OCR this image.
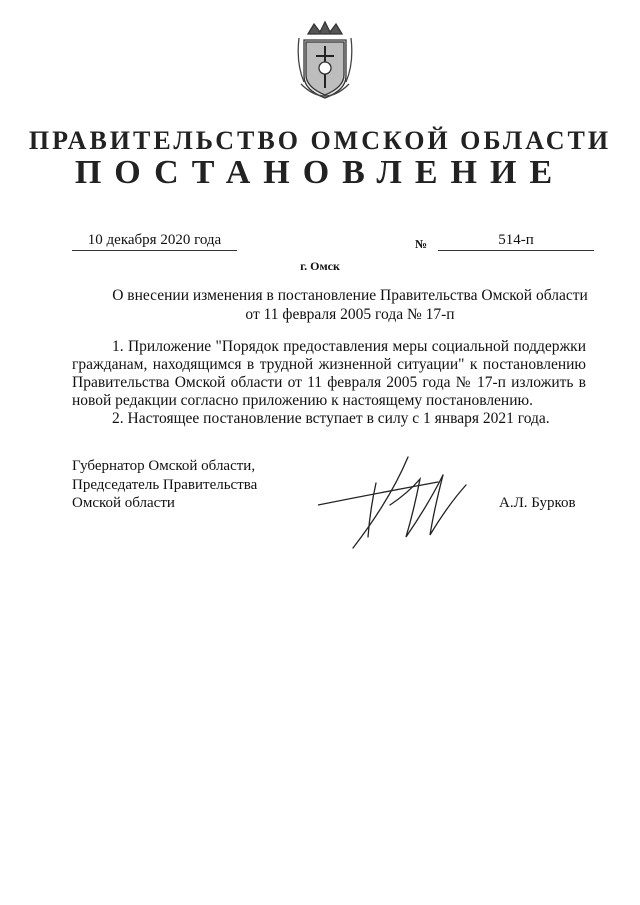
ПРАВИТЕЛЬСТВО ОМСКОЙ ОБЛАСТИ
ПОСТАНОВЛЕНИЕ
10 декабря 2020 года	№	514-п
г. Омск
О внесении изменения в постановление Правительства Омской области
от 11 февраля 2005 года № 17-п

1. Приложение "Порядок предоставления меры социальной поддержки гражданам, находящимся в трудной жизненной ситуации" к постановлению Правительства Омской области от 11 февраля 2005 года № 17-п изложить в новой редакции согласно приложению к настоящему постановлению.

2. Настоящее постановление вступает в силу с 1 января 2021 года.

Губернатор Омской области,
Председатель Правительства
Омской области	А.Л. Бурков
